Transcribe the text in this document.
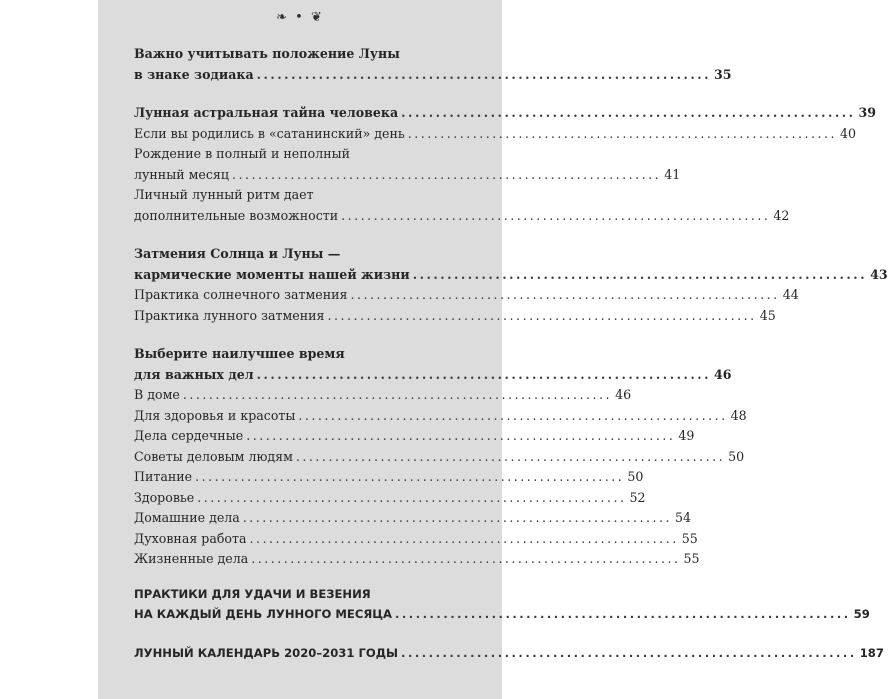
❧ • ❦
Важно учитывать положение Луны
в знаке зодиака .................................................................. 35
Лунная астральная тайна человека .................................................................. 39
Если вы родились в «сатанинский» день .................................................................. 40
Рождение в полный и неполный
лунный месяц .................................................................. 41
Личный лунный ритм дает
дополнительные возможности .................................................................. 42
Затмения Солнца и Луны —
кармические моменты нашей жизни .................................................................. 43
Практика солнечного затмения .................................................................. 44
Практика лунного затмения .................................................................. 45
Выберите наилучшее время
для важных дел .................................................................. 46
В доме .................................................................. 46
Для здоровья и красоты .................................................................. 48
Дела сердечные .................................................................. 49
Советы деловым людям .................................................................. 50
Питание .................................................................. 50
Здоровье .................................................................. 52
Домашние дела .................................................................. 54
Духовная работа .................................................................. 55
Жизненные дела .................................................................. 55
ПРАКТИКИ ДЛЯ УДАЧИ И ВЕЗЕНИЯ
НА КАЖДЫЙ ДЕНЬ ЛУННОГО МЕСЯЦА .................................................................. 59
ЛУННЫЙ КАЛЕНДАРЬ 2020–2031 ГОДЫ .................................................................. 187
